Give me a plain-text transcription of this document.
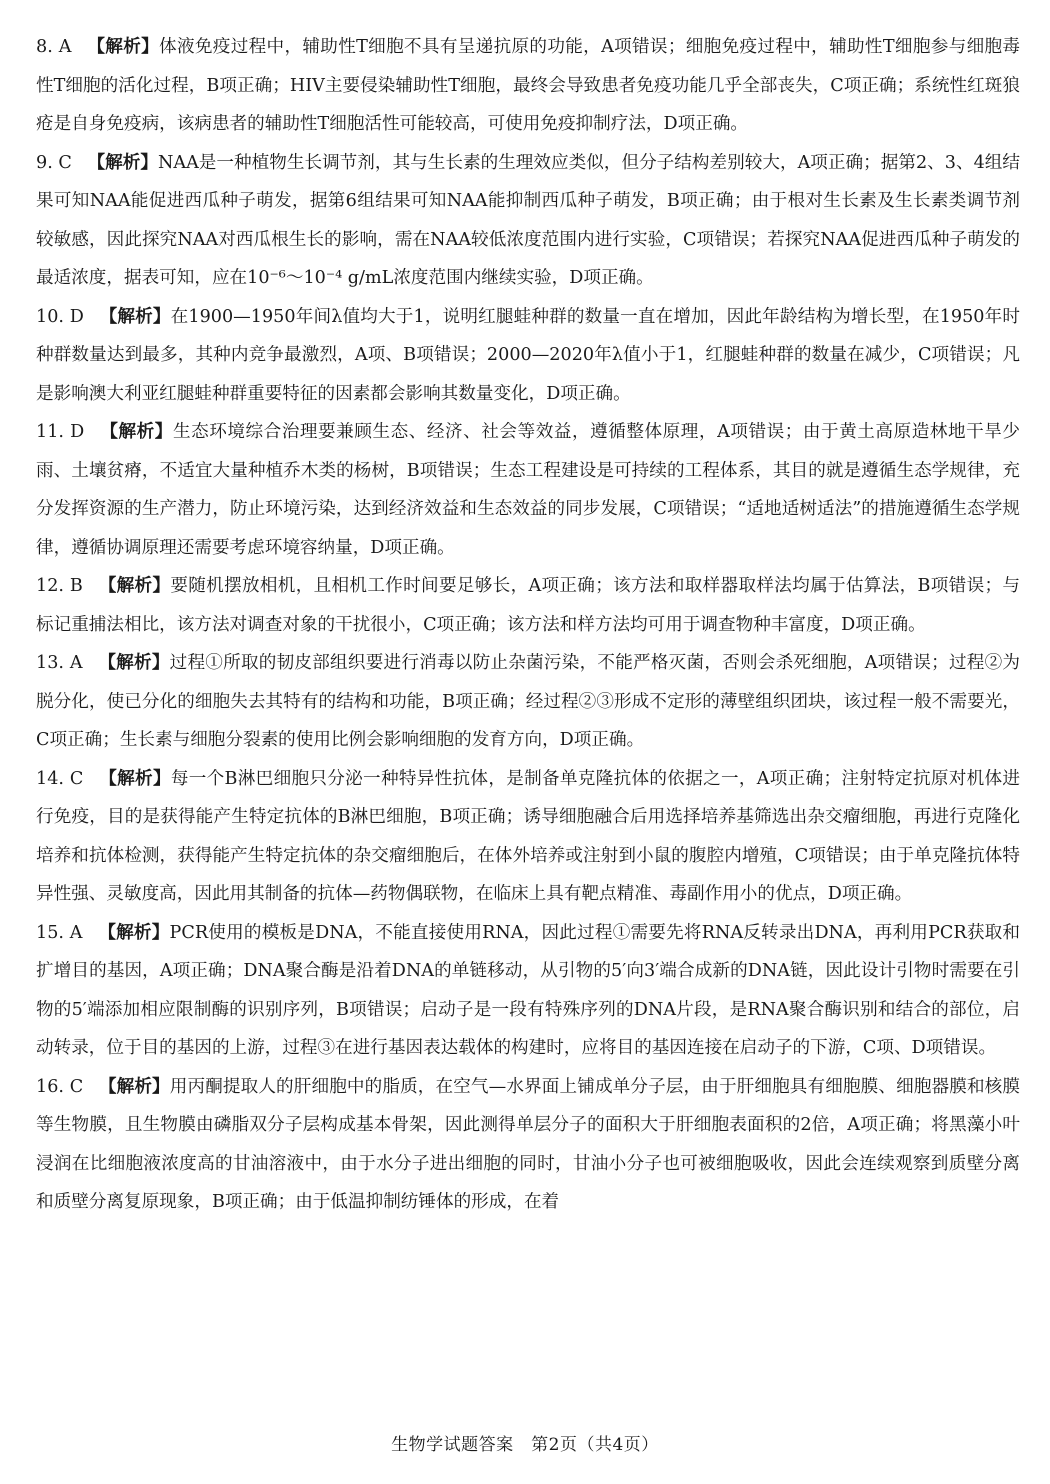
8. A 【解析】体液免疫过程中，辅助性T细胞不具有呈递抗原的功能，A项错误；细胞免疫过程中，辅助性T细胞参与细胞毒性T细胞的活化过程，B项正确；HIV主要侵染辅助性T细胞，最终会导致患者免疫功能几乎全部丧失，C项正确；系统性红斑狼疮是自身免疫病，该病患者的辅助性T细胞活性可能较高，可使用免疫抑制疗法，D项正确。

9. C 【解析】NAA是一种植物生长调节剂，其与生长素的生理效应类似，但分子结构差别较大，A项正确；据第2、3、4组结果可知NAA能促进西瓜种子萌发，据第6组结果可知NAA能抑制西瓜种子萌发，B项正确；由于根对生长素及生长素类调节剂较敏感，因此探究NAA对西瓜根生长的影响，需在NAA较低浓度范围内进行实验，C项错误；若探究NAA促进西瓜种子萌发的最适浓度，据表可知，应在10⁻⁶～10⁻⁴ g/mL浓度范围内继续实验，D项正确。

10. D 【解析】在1900—1950年间λ值均大于1，说明红腿蛙种群的数量一直在增加，因此年龄结构为增长型，在1950年时种群数量达到最多，其种内竞争最激烈，A项、B项错误；2000—2020年λ值小于1，红腿蛙种群的数量在减少，C项错误；凡是影响澳大利亚红腿蛙种群重要特征的因素都会影响其数量变化，D项正确。

11. D 【解析】生态环境综合治理要兼顾生态、经济、社会等效益，遵循整体原理，A项错误；由于黄土高原造林地干旱少雨、土壤贫瘠，不适宜大量种植乔木类的杨树，B项错误；生态工程建设是可持续的工程体系，其目的就是遵循生态学规律，充分发挥资源的生产潜力，防止环境污染，达到经济效益和生态效益的同步发展，C项错误；“适地适树适法”的措施遵循生态学规律，遵循协调原理还需要考虑环境容纳量，D项正确。

12. B 【解析】要随机摆放相机，且相机工作时间要足够长，A项正确；该方法和取样器取样法均属于估算法，B项错误；与标记重捕法相比，该方法对调查对象的干扰很小，C项正确；该方法和样方法均可用于调查物种丰富度，D项正确。

13. A 【解析】过程①所取的韧皮部组织要进行消毒以防止杂菌污染，不能严格灭菌，否则会杀死细胞，A项错误；过程②为脱分化，使已分化的细胞失去其特有的结构和功能，B项正确；经过程②③形成不定形的薄壁组织团块，该过程一般不需要光，C项正确；生长素与细胞分裂素的使用比例会影响细胞的发育方向，D项正确。

14. C 【解析】每一个B淋巴细胞只分泌一种特异性抗体，是制备单克隆抗体的依据之一，A项正确；注射特定抗原对机体进行免疫，目的是获得能产生特定抗体的B淋巴细胞，B项正确；诱导细胞融合后用选择培养基筛选出杂交瘤细胞，再进行克隆化培养和抗体检测，获得能产生特定抗体的杂交瘤细胞后，在体外培养或注射到小鼠的腹腔内增殖，C项错误；由于单克隆抗体特异性强、灵敏度高，因此用其制备的抗体—药物偶联物，在临床上具有靶点精准、毒副作用小的优点，D项正确。

15. A 【解析】PCR使用的模板是DNA，不能直接使用RNA，因此过程①需要先将RNA反转录出DNA，再利用PCR获取和扩增目的基因，A项正确；DNA聚合酶是沿着DNA的单链移动，从引物的5′向3′端合成新的DNA链，因此设计引物时需要在引物的5′端添加相应限制酶的识别序列，B项错误；启动子是一段有特殊序列的DNA片段，是RNA聚合酶识别和结合的部位，启动转录，位于目的基因的上游，过程③在进行基因表达载体的构建时，应将目的基因连接在启动子的下游，C项、D项错误。

16. C 【解析】用丙酮提取人的肝细胞中的脂质，在空气—水界面上铺成单分子层，由于肝细胞具有细胞膜、细胞器膜和核膜等生物膜，且生物膜由磷脂双分子层构成基本骨架，因此测得单层分子的面积大于肝细胞表面积的2倍，A项正确；将黑藻小叶浸润在比细胞液浓度高的甘油溶液中，由于水分子进出细胞的同时，甘油小分子也可被细胞吸收，因此会连续观察到质壁分离和质壁分离复原现象，B项正确；由于低温抑制纺锤体的形成，在着

生物学试题答案　第2页（共4页）
